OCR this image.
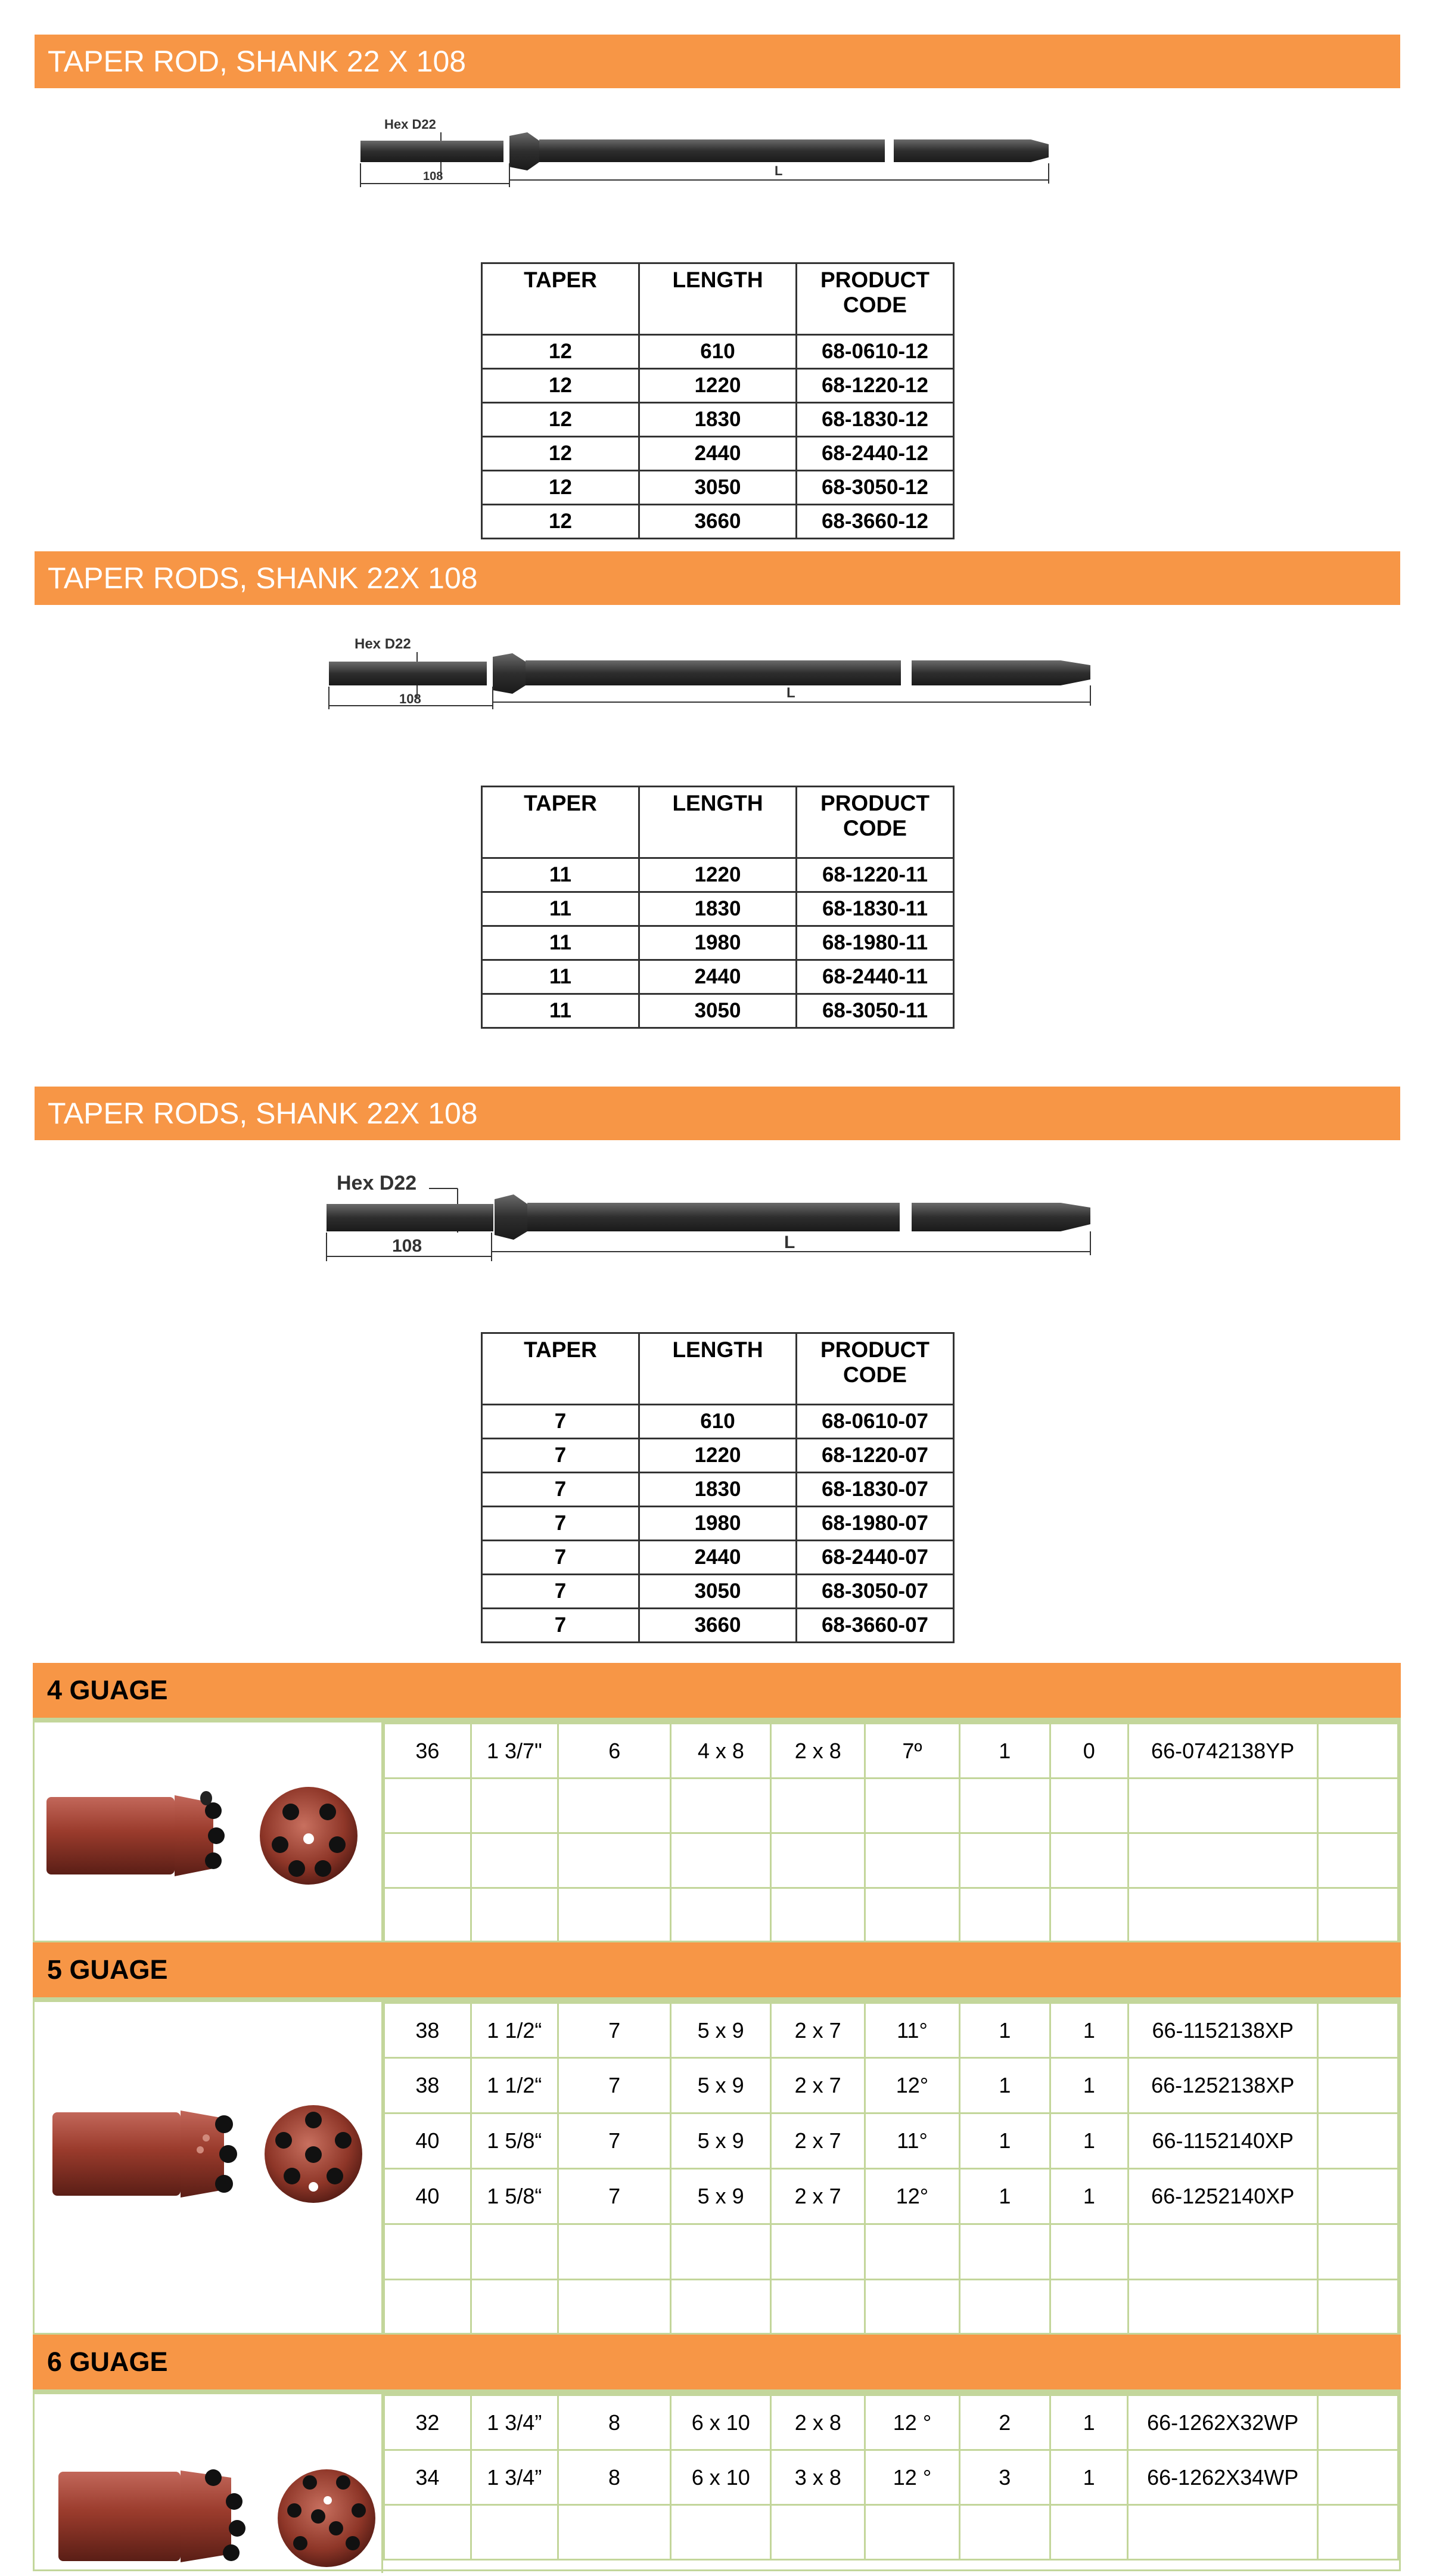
TAPER ROD, SHANK 22 X 108
Hex D22
108	L
TAPER	LENGTH	PRODUCT CODE
12	610	68-0610-12
12	1220	68-1220-12
12	1830	68-1830-12
12	2440	68-2440-12
12	3050	68-3050-12
12	3660	68-3660-12
TAPER RODS, SHANK 22X 108
Hex D22
108	L
TAPER	LENGTH	PRODUCT CODE
11	1220	68-1220-11
11	1830	68-1830-11
11	1980	68-1980-11
11	2440	68-2440-11
11	3050	68-3050-11
TAPER RODS, SHANK 22X 108
Hex D22
108	L
TAPER	LENGTH	PRODUCT CODE
7	610	68-0610-07
7	1220	68-1220-07
7	1830	68-1830-07
7	1980	68-1980-07
7	2440	68-2440-07
7	3050	68-3050-07
7	3660	68-3660-07
4 GUAGE
36	1 3/7"	6	4 x 8	2 x 8	7º	1	0	66-0742138YP	

5 GUAGE
38	1 1/2“	7	5 x 9	2 x 7	11°	1	1	66-1152138XP	
38	1 1/2“	7	5 x 9	2 x 7	12°	1	1	66-1252138XP	
40	1 5/8“	7	5 x 9	2 x 7	11°	1	1	66-1152140XP	
40	1 5/8“	7	5 x 9	2 x 7	12°	1	1	66-1252140XP	

6 GUAGE
32	1 3/4”	8	6 x 10	2 x 8	12 °	2	1	66-1262X32WP	
34	1 3/4”	8	6 x 10	3 x 8	12 °	3	1	66-1262X34WP	
